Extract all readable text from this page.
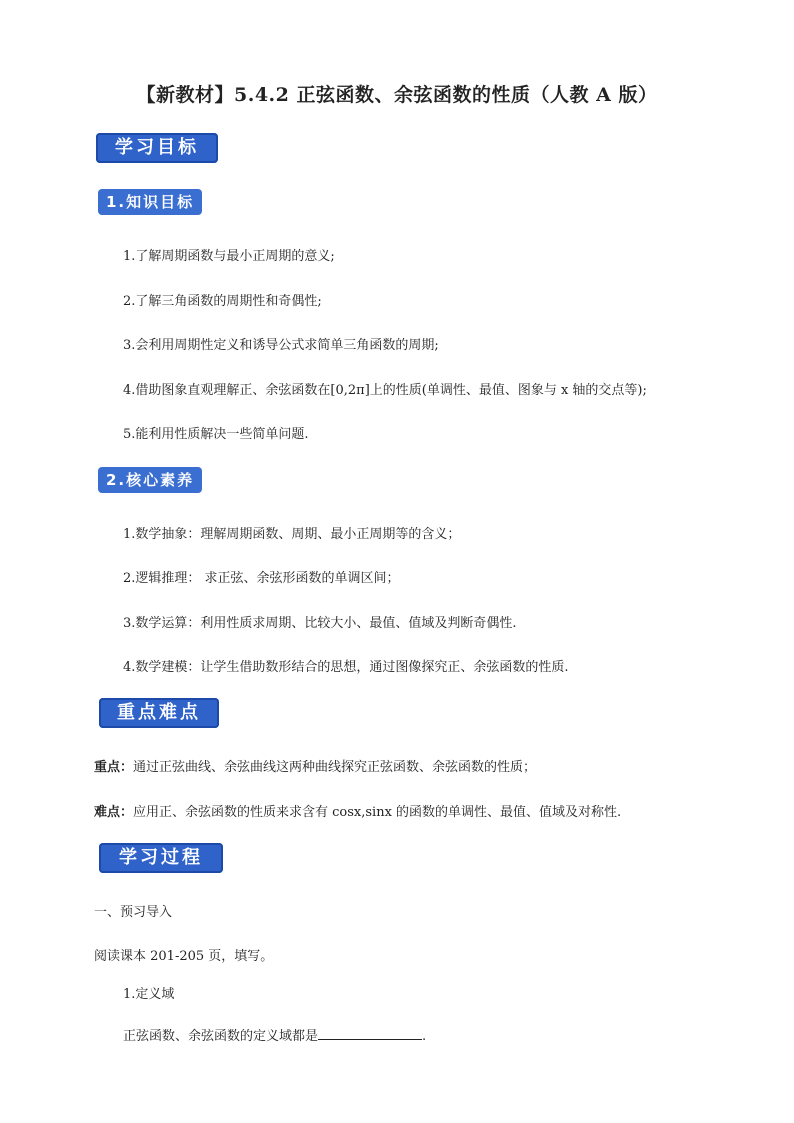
【新教材】5.4.2 正弦函数、余弦函数的性质（人教 A 版）
学习目标
1.知识目标
1.了解周期函数与最小正周期的意义;
2.了解三角函数的周期性和奇偶性;
3.会利用周期性定义和诱导公式求简单三角函数的周期;
4.借助图象直观理解正、余弦函数在[0,2π]上的性质(单调性、最值、图象与 x 轴的交点等);
5.能利用性质解决一些简单问题.
2.核心素养
1.数学抽象：理解周期函数、周期、最小正周期等的含义；
2.逻辑推理： 求正弦、余弦形函数的单调区间；
3.数学运算：利用性质求周期、比较大小、最值、值域及判断奇偶性.
4.数学建模：让学生借助数形结合的思想，通过图像探究正、余弦函数的性质.
重点难点
重点：通过正弦曲线、余弦曲线这两种曲线探究正弦函数、余弦函数的性质；
难点：应用正、余弦函数的性质来求含有 cosx,sinx 的函数的单调性、最值、值域及对称性.
学习过程
一、预习导入
阅读课本 201-205 页，填写。
1.定义域
正弦函数、余弦函数的定义域都是	.
